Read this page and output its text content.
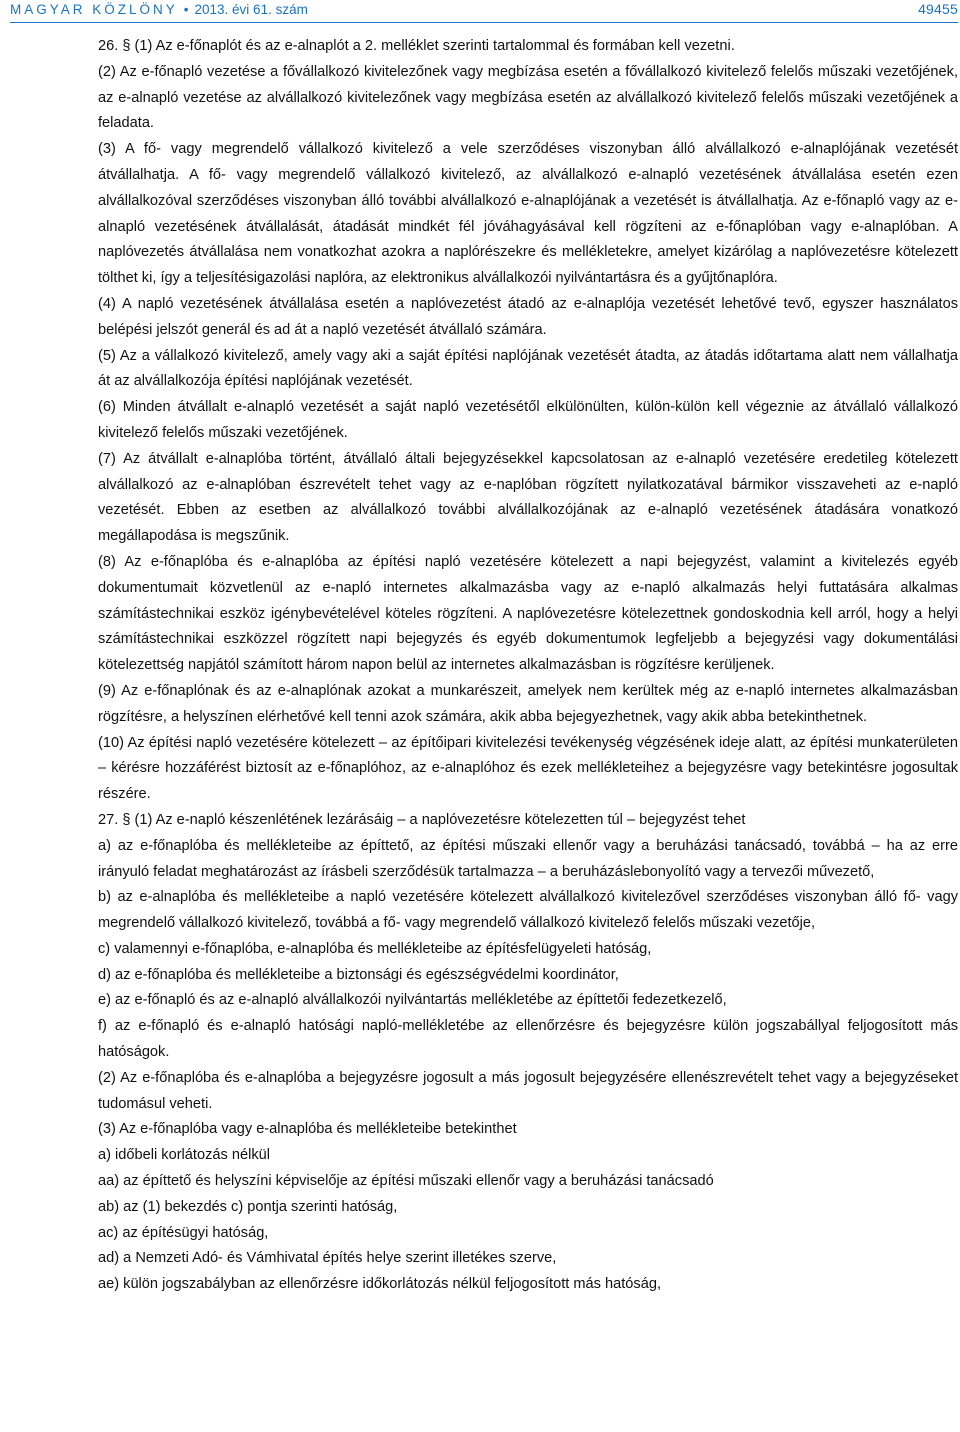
MAGYAR KÖZLÖNY • 2013. évi 61. szám	49455

26. § (1) Az e-főnaplót és az e-alnaplót a 2. melléklet szerinti tartalommal és formában kell vezetni.

(2) Az e-főnapló vezetése a fővállalkozó kivitelezőnek vagy megbízása esetén a fővállalkozó kivitelező felelős műszaki vezetőjének, az e-alnapló vezetése az alvállalkozó kivitelezőnek vagy megbízása esetén az alvállalkozó kivitelező felelős műszaki vezetőjének a feladata.

(3) A fő- vagy megrendelő vállalkozó kivitelező a vele szerződéses viszonyban álló alvállalkozó e-alnaplójának vezetését átvállalhatja. A fő- vagy megrendelő vállalkozó kivitelező, az alvállalkozó e-alnapló vezetésének átvállalása esetén ezen alvállalkozóval szerződéses viszonyban álló további alvállalkozó e-alnaplójának a vezetését is átvállalhatja. Az e-főnapló vagy az e-alnapló vezetésének átvállalását, átadását mindkét fél jóváhagyásával kell rögzíteni az e-főnaplóban vagy e-alnaplóban. A naplóvezetés átvállalása nem vonatkozhat azokra a naplórészekre és mellékletekre, amelyet kizárólag a naplóvezetésre kötelezett tölthet ki, így a teljesítésigazolási naplóra, az elektronikus alvállalkozói nyilvántartásra és a gyűjtőnaplóra.

(4) A napló vezetésének átvállalása esetén a naplóvezetést átadó az e-alnaplója vezetését lehetővé tevő, egyszer használatos belépési jelszót generál és ad át a napló vezetését átvállaló számára.

(5) Az a vállalkozó kivitelező, amely vagy aki a saját építési naplójának vezetését átadta, az átadás időtartama alatt nem vállalhatja át az alvállalkozója építési naplójának vezetését.

(6) Minden átvállalt e-alnapló vezetését a saját napló vezetésétől elkülönülten, külön-külön kell végeznie az átvállaló vállalkozó kivitelező felelős műszaki vezetőjének.

(7) Az átvállalt e-alnaplóba történt, átvállaló általi bejegyzésekkel kapcsolatosan az e-alnapló vezetésére eredetileg kötelezett alvállalkozó az e-alnaplóban észrevételt tehet vagy az e-naplóban rögzített nyilatkozatával bármikor visszaveheti az e-napló vezetését. Ebben az esetben az alvállalkozó további alvállalkozójának az e-alnapló vezetésének átadására vonatkozó megállapodása is megszűnik.

(8) Az e-főnaplóba és e-alnaplóba az építési napló vezetésére kötelezett a napi bejegyzést, valamint a kivitelezés egyéb dokumentumait közvetlenül az e-napló internetes alkalmazásba vagy az e-napló alkalmazás helyi futtatására alkalmas számítástechnikai eszköz igénybevételével köteles rögzíteni. A naplóvezetésre kötelezettnek gondoskodnia kell arról, hogy a helyi számítástechnikai eszközzel rögzített napi bejegyzés és egyéb dokumentumok legfeljebb a bejegyzési vagy dokumentálási kötelezettség napjától számított három napon belül az internetes alkalmazásban is rögzítésre kerüljenek.

(9) Az e-főnaplónak és az e-alnaplónak azokat a munkarészeit, amelyek nem kerültek még az e-napló internetes alkalmazásban rögzítésre, a helyszínen elérhetővé kell tenni azok számára, akik abba bejegyezhetnek, vagy akik abba betekinthetnek.

(10) Az építési napló vezetésére kötelezett – az építőipari kivitelezési tevékenység végzésének ideje alatt, az építési munkaterületen – kérésre hozzáférést biztosít az e-főnaplóhoz, az e-alnaplóhoz és ezek mellékleteihez a bejegyzésre vagy betekintésre jogosultak részére.

27. § (1) Az e-napló készenlétének lezárásáig – a naplóvezetésre kötelezetten túl – bejegyzést tehet

a) az e-főnaplóba és mellékleteibe az építtető, az építési műszaki ellenőr vagy a beruházási tanácsadó, továbbá – ha az erre irányuló feladat meghatározást az írásbeli szerződésük tartalmazza – a beruházáslebonyolító vagy a tervezői művezető,

b) az e-alnaplóba és mellékleteibe a napló vezetésére kötelezett alvállalkozó kivitelezővel szerződéses viszonyban álló fő- vagy megrendelő vállalkozó kivitelező, továbbá a fő- vagy megrendelő vállalkozó kivitelező felelős műszaki vezetője,

c) valamennyi e-főnaplóba, e-alnaplóba és mellékleteibe az építésfelügyeleti hatóság,

d) az e-főnaplóba és mellékleteibe a biztonsági és egészségvédelmi koordinátor,

e) az e-főnapló és az e-alnapló alvállalkozói nyilvántartás mellékletébe az építtetői fedezetkezelő,

f) az e-főnapló és e-alnapló hatósági napló-mellékletébe az ellenőrzésre és bejegyzésre külön jogszabállyal feljogosított más hatóságok.

(2) Az e-főnaplóba és e-alnaplóba a bejegyzésre jogosult a más jogosult bejegyzésére ellenészrevételt tehet vagy a bejegyzéseket tudomásul veheti.

(3) Az e-főnaplóba vagy e-alnaplóba és mellékleteibe betekinthet

a) időbeli korlátozás nélkül

aa) az építtető és helyszíni képviselője az építési műszaki ellenőr vagy a beruházási tanácsadó

ab) az (1) bekezdés c) pontja szerinti hatóság,

ac) az építésügyi hatóság,

ad) a Nemzeti Adó- és Vámhivatal építés helye szerint illetékes szerve,

ae) külön jogszabályban az ellenőrzésre időkorlátozás nélkül feljogosított más hatóság,
